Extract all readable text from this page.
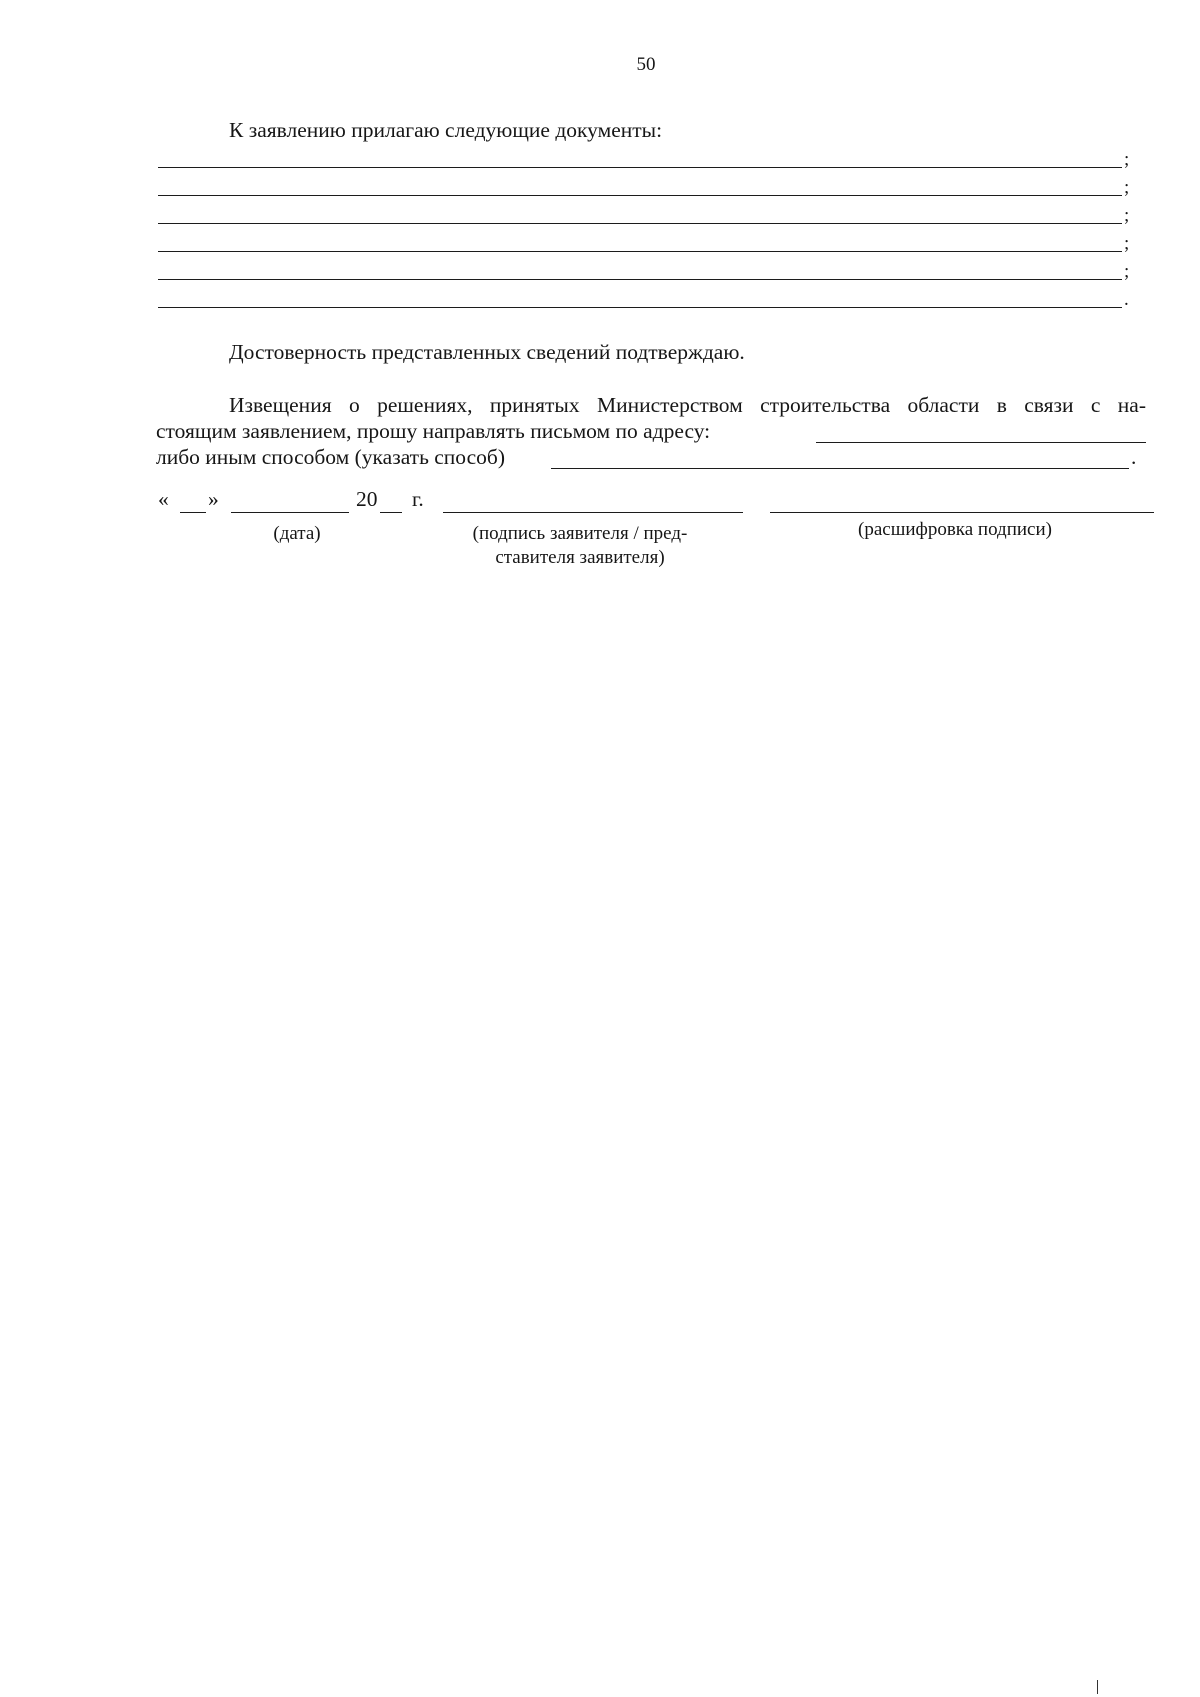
50
К заявлению прилагаю следующие документы:
;
;
;
;
;
.
Достоверность представленных сведений подтверждаю.
Извещения о решениях, принятых Министерством строительства области в связи с на-
стоящим заявлением, прошу направлять письмом по адресу:
либо иным способом (указать способ)	.
« »	20 г.
(дата)	(подпись заявителя / пред-
ставителя заявителя)
(расшифровка подписи)
